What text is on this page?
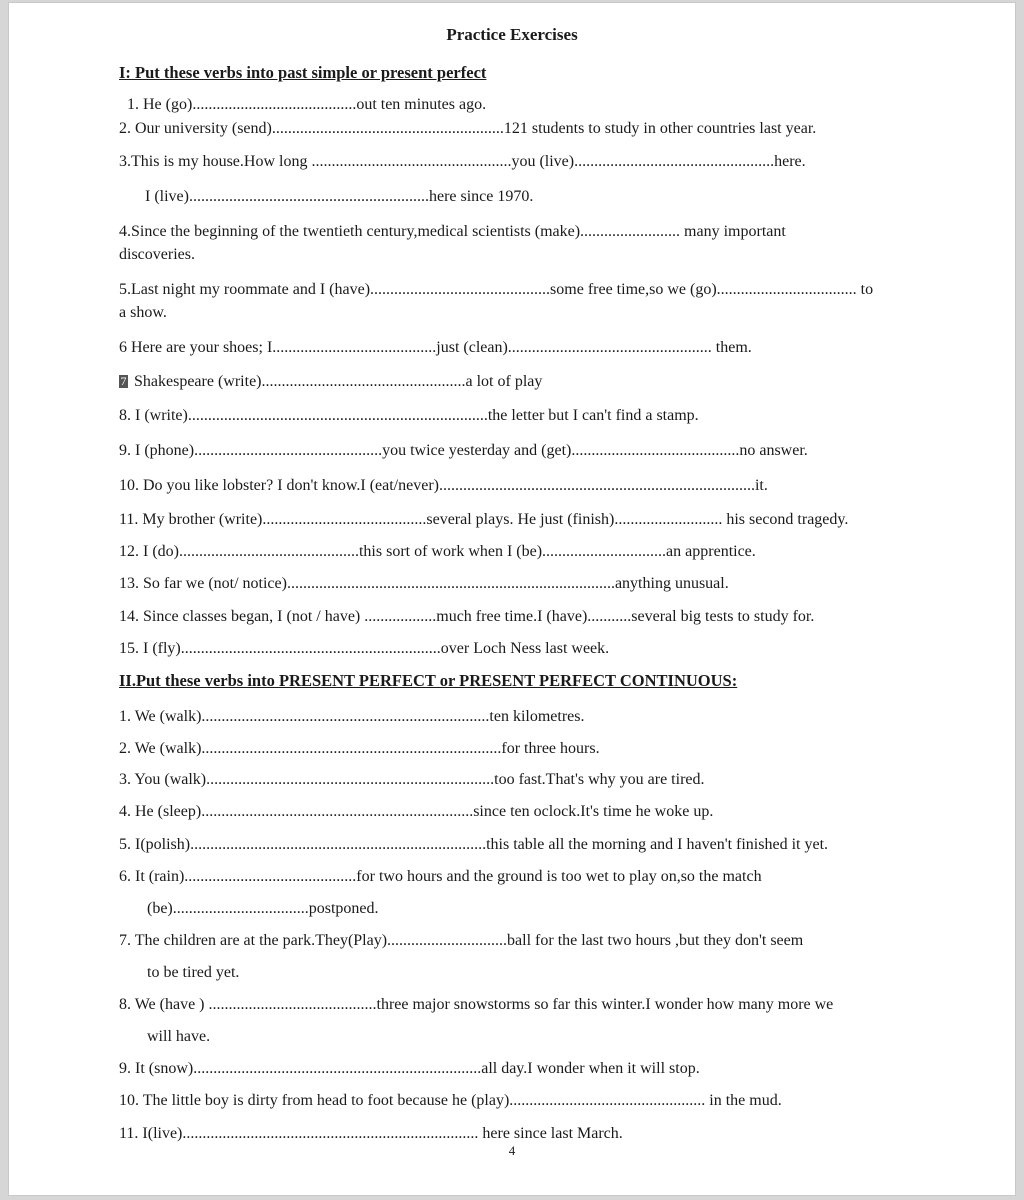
Practice Exercises
I: Put these verbs into past simple or present perfect
1. He (go).........................................out ten minutes ago.
2. Our university (send)..........................................................121 students to study in other countries last year.
3.This is my house.How long ..................................................you (live)..................................................here.
I (live)............................................................here since 1970.
4.Since the beginning of the twentieth century,medical scientists (make)......................... many important
discoveries.
5.Last night my roommate and I (have).............................................some free time,so we (go)................................... to
a show.
6 Here are your shoes; I.........................................just (clean)................................................... them.
7 Shakespeare (write)...................................................a lot of play
8. I (write)...........................................................................the letter but I can't find a stamp.
9. I (phone)...............................................you twice yesterday and (get)..........................................no answer.
10. Do you like lobster? I don't know.I (eat/never)...............................................................................it.
11. My brother (write).........................................several plays. He just (finish)........................... his second tragedy.
12. I (do).............................................this sort of work when I (be)...............................an apprentice.
13. So far we (not/ notice)..................................................................................anything unusual.
14. Since classes began, I (not / have) ..................much free time.I (have)...........several big tests to study for.
15. I (fly).................................................................over Loch Ness last week.
II.Put these verbs into PRESENT PERFECT or PRESENT PERFECT CONTINUOUS:
1. We (walk)........................................................................ten kilometres.
2. We (walk)...........................................................................for three hours.
3. You (walk)........................................................................too fast.That's why you are tired.
4. He (sleep)....................................................................since ten oclock.It's time he woke up.
5. I(polish)..........................................................................this table all the morning and I haven't finished it yet.
6. It (rain)...........................................for two hours and the ground is too wet to play on,so the match
(be)..................................postponed.
7. The children are at the park.They(Play)..............................ball for the last two hours ,but they don't seem
to be tired yet.
8. We (have ) ..........................................three major snowstorms so far this winter.I wonder how many more we
will have.
9. It (snow)........................................................................all day.I wonder when it will stop.
10. The little boy is dirty from head to foot because he (play)................................................. in the mud.
11. I(live).......................................................................... here since last March.
4
